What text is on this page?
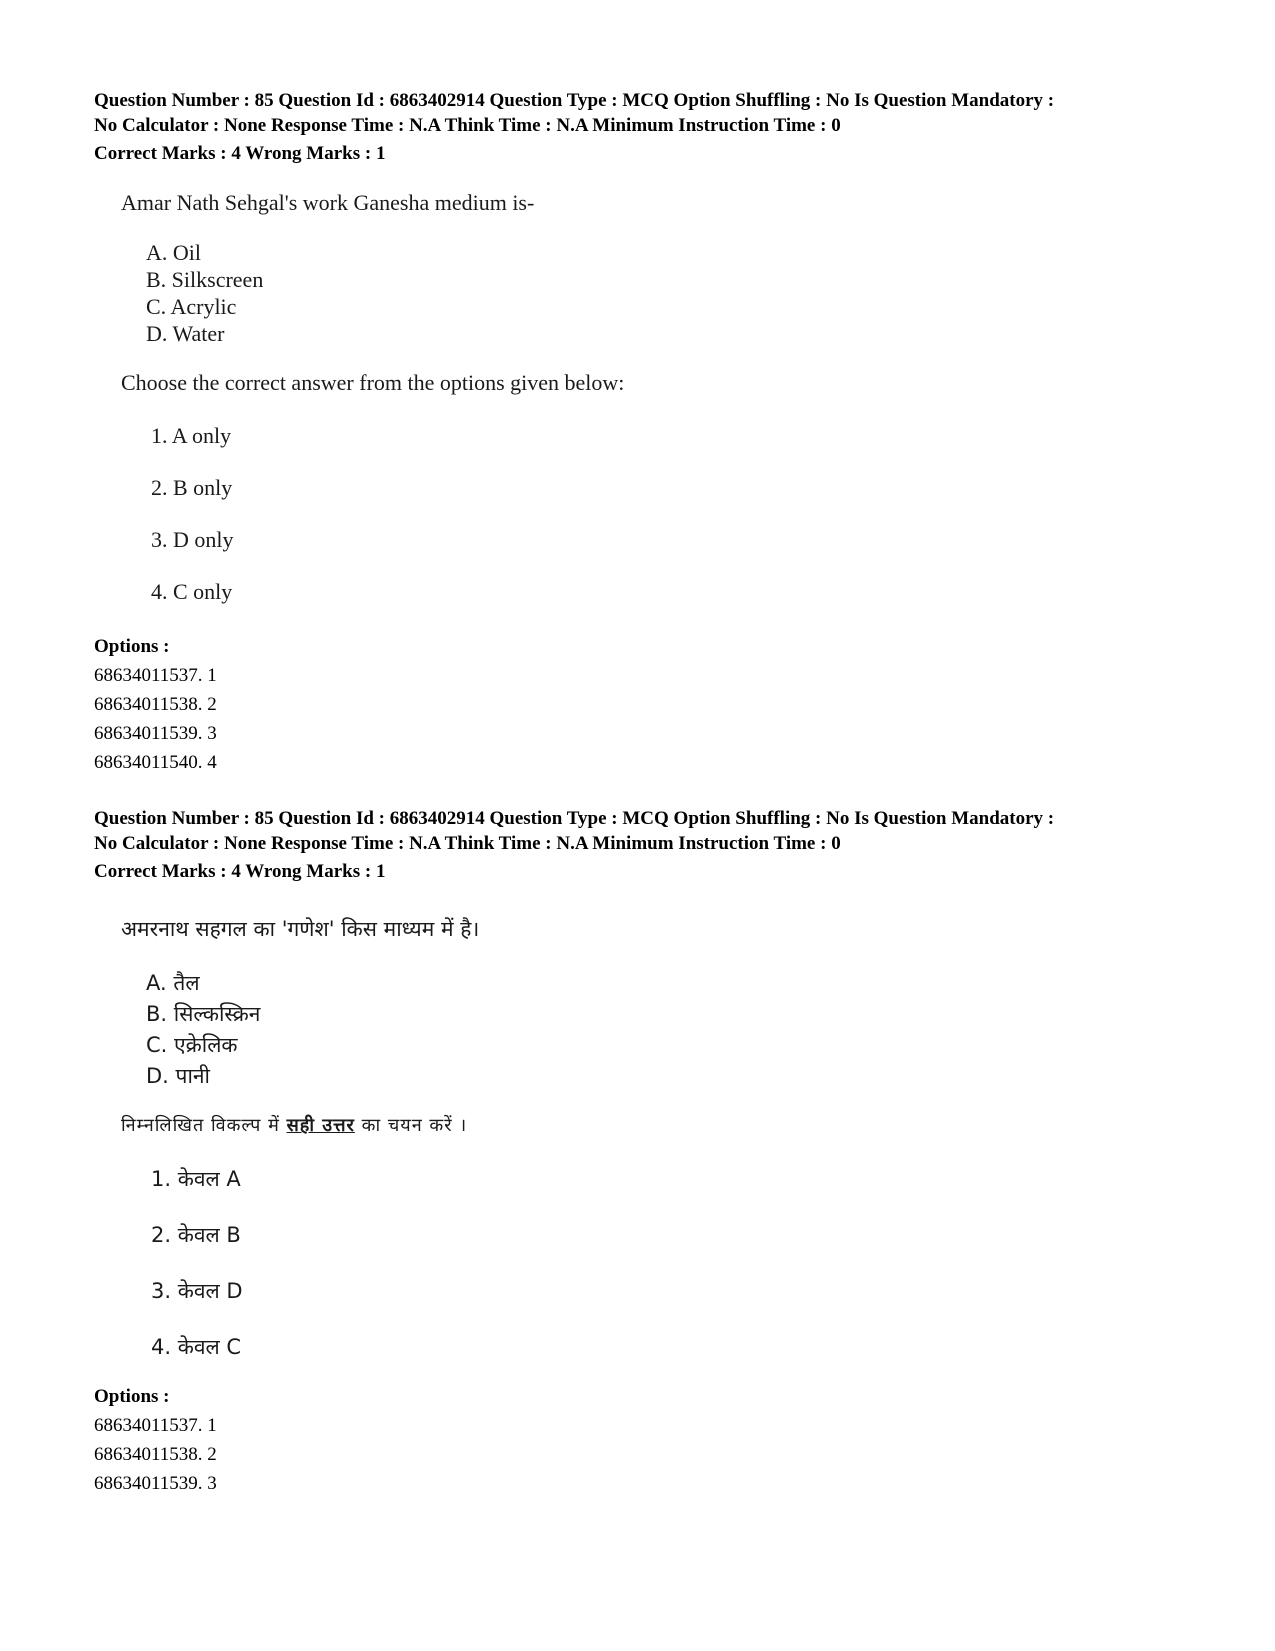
Question Number : 85 Question Id : 6863402914 Question Type : MCQ Option Shuffling : No Is Question Mandatory :
No Calculator : None Response Time : N.A Think Time : N.A Minimum Instruction Time : 0
Correct Marks : 4 Wrong Marks : 1

Amar Nath Sehgal's work Ganesha medium is-
A. Oil
B. Silkscreen
C. Acrylic
D. Water
Choose the correct answer from the options given below:
1. A only
2. B only
3. D only
4. C only
Options :
68634011537. 1
68634011538. 2
68634011539. 3
68634011540. 4

Question Number : 85 Question Id : 6863402914 Question Type : MCQ Option Shuffling : No Is Question Mandatory :
No Calculator : None Response Time : N.A Think Time : N.A Minimum Instruction Time : 0
Correct Marks : 4 Wrong Marks : 1

अमरनाथ सहगल का 'गणेश' किस माध्यम में है।
A. तैल
B. सिल्कस्क्रिन
C. एक्रेलिक
D. पानी
निम्नलिखित विकल्प में सही उत्तर का चयन करें ।
1. केवल A
2. केवल B
3. केवल D
4. केवल C
Options :
68634011537. 1
68634011538. 2
68634011539. 3
